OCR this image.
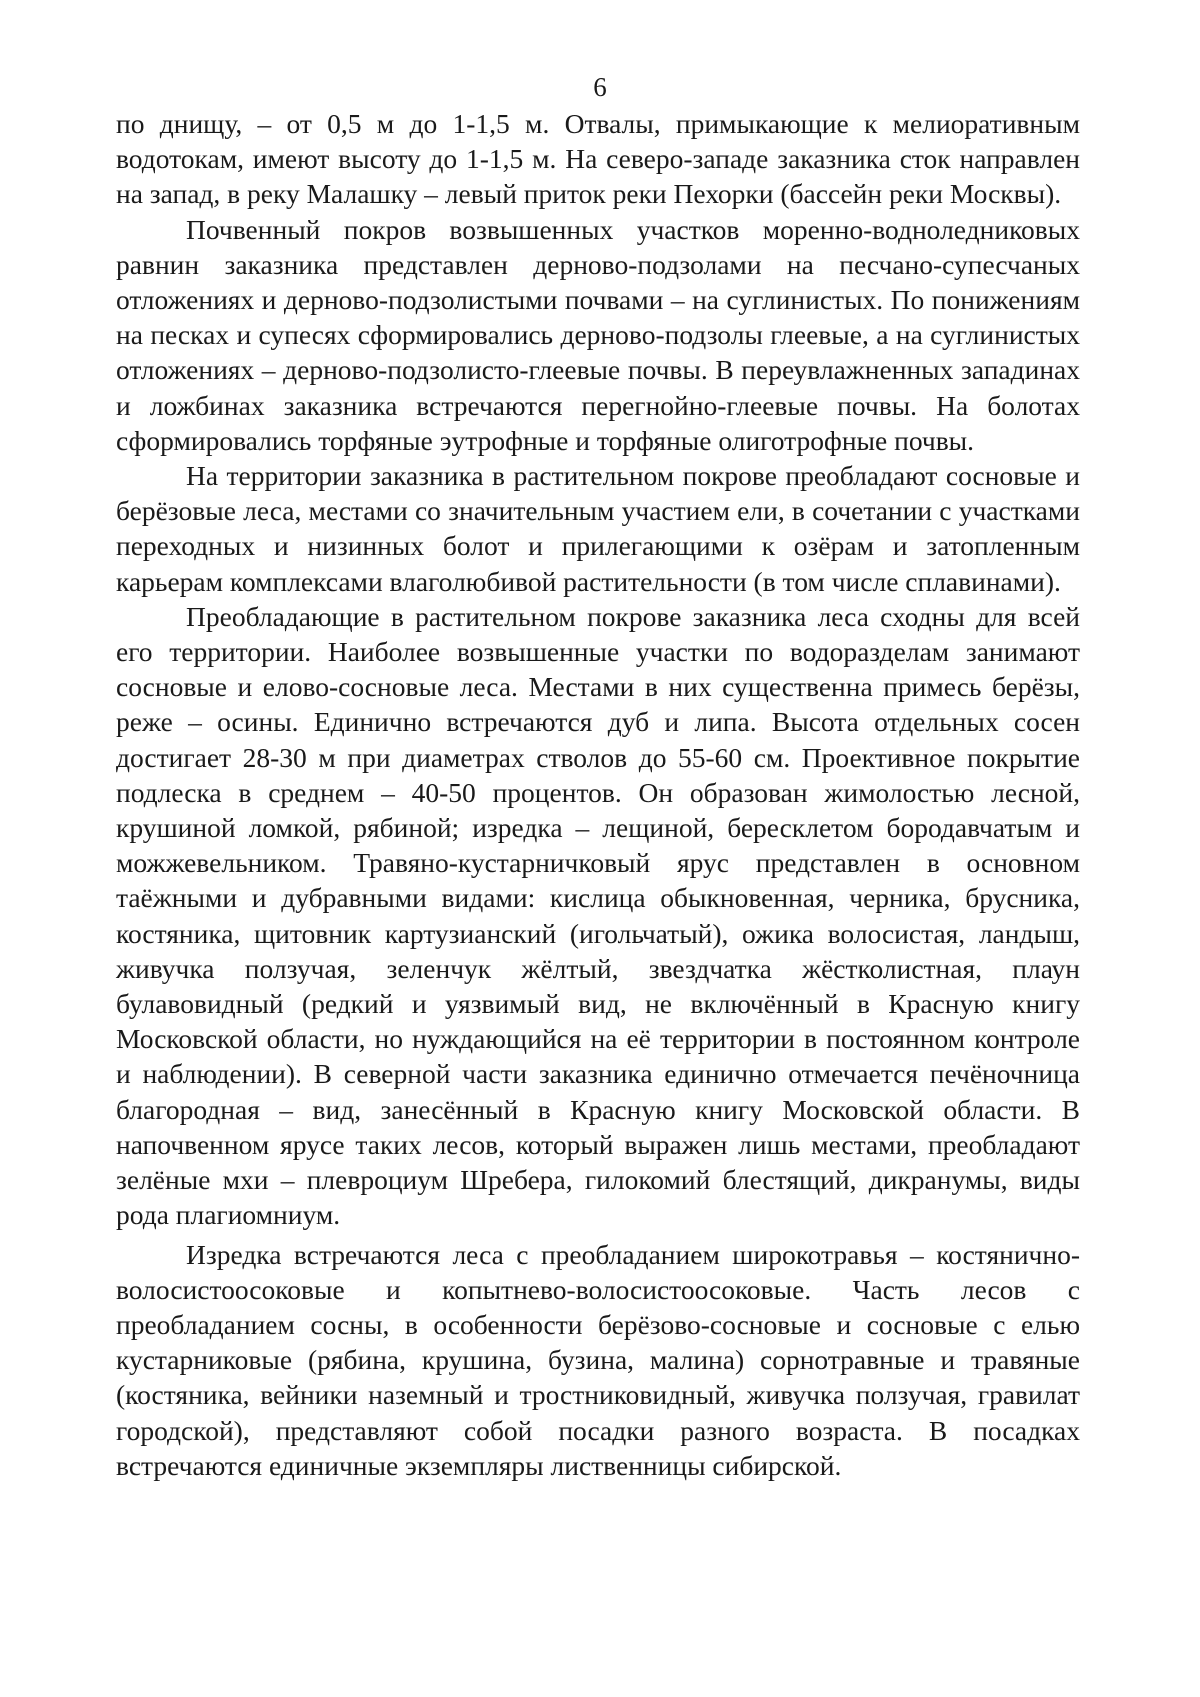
6

по днищу, – от 0,5 м до 1-1,5 м. Отвалы, примыкающие к мелиоративным водотокам, имеют высоту до 1-1,5 м. На северо-западе заказника сток направлен на запад, в реку Малашку – левый приток реки Пехорки (бассейн реки Москвы).

Почвенный покров возвышенных участков моренно-водноледниковых равнин заказника представлен дерново-подзолами на песчано-супесчаных отложениях и дерново-подзолистыми почвами – на суглинистых. По понижениям на песках и супесях сформировались дерново-подзолы глеевые, а на суглинистых отложениях – дерново-подзолисто-глеевые почвы. В переувлажненных западинах и ложбинах заказника встречаются перегнойно-глеевые почвы. На болотах сформировались торфяные эутрофные и торфяные олиготрофные почвы.

На территории заказника в растительном покрове преобладают сосновые и берёзовые леса, местами со значительным участием ели, в сочетании с участками переходных и низинных болот и прилегающими к озёрам и затопленным карьерам комплексами влаголюбивой растительности (в том числе сплавинами).

Преобладающие в растительном покрове заказника леса сходны для всей его территории. Наиболее возвышенные участки по водоразделам занимают сосновые и елово-сосновые леса. Местами в них существенна примесь берёзы, реже – осины. Единично встречаются дуб и липа. Высота отдельных сосен достигает 28-30 м при диаметрах стволов до 55-60 см. Проективное покрытие подлеска в среднем – 40-50 процентов. Он образован жимолостью лесной, крушиной ломкой, рябиной; изредка – лещиной, бересклетом бородавчатым и можжевельником. Травяно-кустарничковый ярус представлен в основном таёжными и дубравными видами: кислица обыкновенная, черника, брусника, костяника, щитовник картузианский (игольчатый), ожика волосистая, ландыш, живучка ползучая, зеленчук жёлтый, звездчатка жёстколистная, плаун булавовидный (редкий и уязвимый вид, не включённый в Красную книгу Московской области, но нуждающийся на её территории в постоянном контроле и наблюдении). В северной части заказника единично отмечается печёночница благородная – вид, занесённый в Красную книгу Московской области. В напочвенном ярусе таких лесов, который выражен лишь местами, преобладают зелёные мхи – плевроциум Шребера, гилокомий блестящий, дикранумы, виды рода плагиомниум.

Изредка встречаются леса с преобладанием широкотравья – костянично-волосистоосоковые и копытнево-волосистоосоковые. Часть лесов с преобладанием сосны, в особенности берёзово-сосновые и сосновые с елью кустарниковые (рябина, крушина, бузина, малина) сорнотравные и травяные (костяника, вейники наземный и тростниковидный, живучка ползучая, гравилат городской), представляют собой посадки разного возраста. В посадках встречаются единичные экземпляры лиственницы сибирской.
